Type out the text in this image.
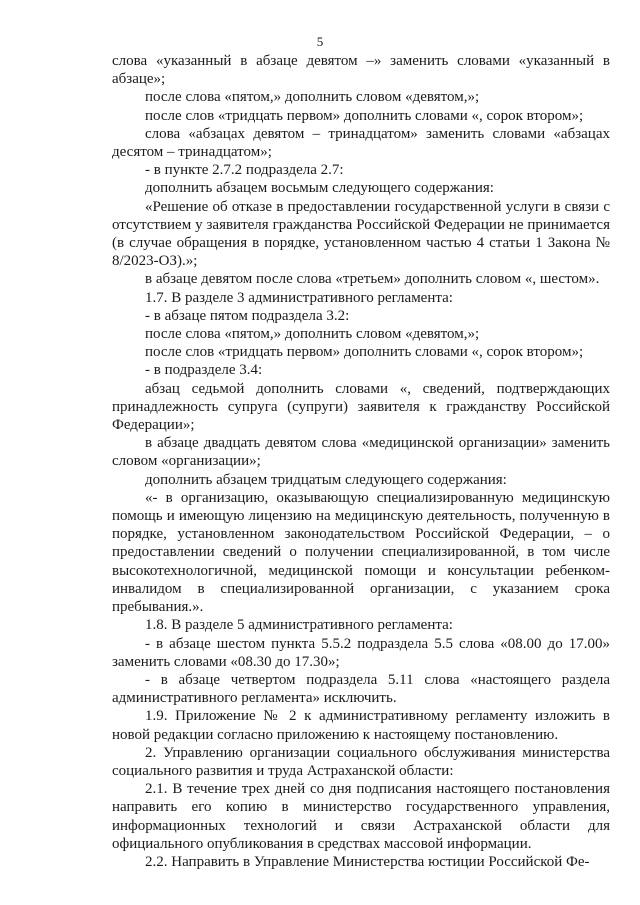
5

слова «указанный в абзаце девятом –» заменить словами «указанный в абзаце»;

после слова «пятом,» дополнить словом «девятом,»;

после слов «тридцать первом» дополнить словами «, сорок втором»;

слова «абзацах девятом – тринадцатом» заменить словами «абзацах десятом – тринадцатом»;

- в пункте 2.7.2 подраздела 2.7:

дополнить абзацем восьмым следующего содержания:

«Решение об отказе в предоставлении государственной услуги в связи с отсутствием у заявителя гражданства Российской Федерации не принимается (в случае обращения в порядке, установленном частью 4 статьи 1 Закона № 8/2023-ОЗ).»;

в абзаце девятом после слова «третьем» дополнить словом «, шестом».

1.7. В разделе 3 административного регламента:

- в абзаце пятом подраздела 3.2:

после слова «пятом,» дополнить словом «девятом,»;

после слов «тридцать первом» дополнить словами «, сорок втором»;

- в подразделе 3.4:

абзац седьмой дополнить словами «, сведений, подтверждающих принадлежность супруга (супруги) заявителя к гражданству Российской Федерации»;

в абзаце двадцать девятом слова «медицинской организации» заменить словом «организации»;

дополнить абзацем тридцатым следующего содержания:

«- в организацию, оказывающую специализированную медицинскую помощь и имеющую лицензию на медицинскую деятельность, полученную в порядке, установленном законодательством Российской Федерации, – о предоставлении сведений о получении специализированной, в том числе высокотехнологичной, медицинской помощи и консультации ребенком-инвалидом в специализированной организации, с указанием срока пребывания.».

1.8. В разделе 5 административного регламента:

- в абзаце шестом пункта 5.5.2 подраздела 5.5 слова «08.00 до 17.00» заменить словами «08.30 до 17.30»;

- в абзаце четвертом подраздела 5.11 слова «настоящего раздела административного регламента» исключить.

1.9. Приложение № 2 к административному регламенту изложить в новой редакции согласно приложению к настоящему постановлению.

2. Управлению организации социального обслуживания министерства социального развития и труда Астраханской области:

2.1. В течение трех дней со дня подписания настоящего постановления направить его копию в министерство государственного управления, информационных технологий и связи Астраханской области для официального опубликования в средствах массовой информации.

2.2. Направить в Управление Министерства юстиции Российской Фе-
